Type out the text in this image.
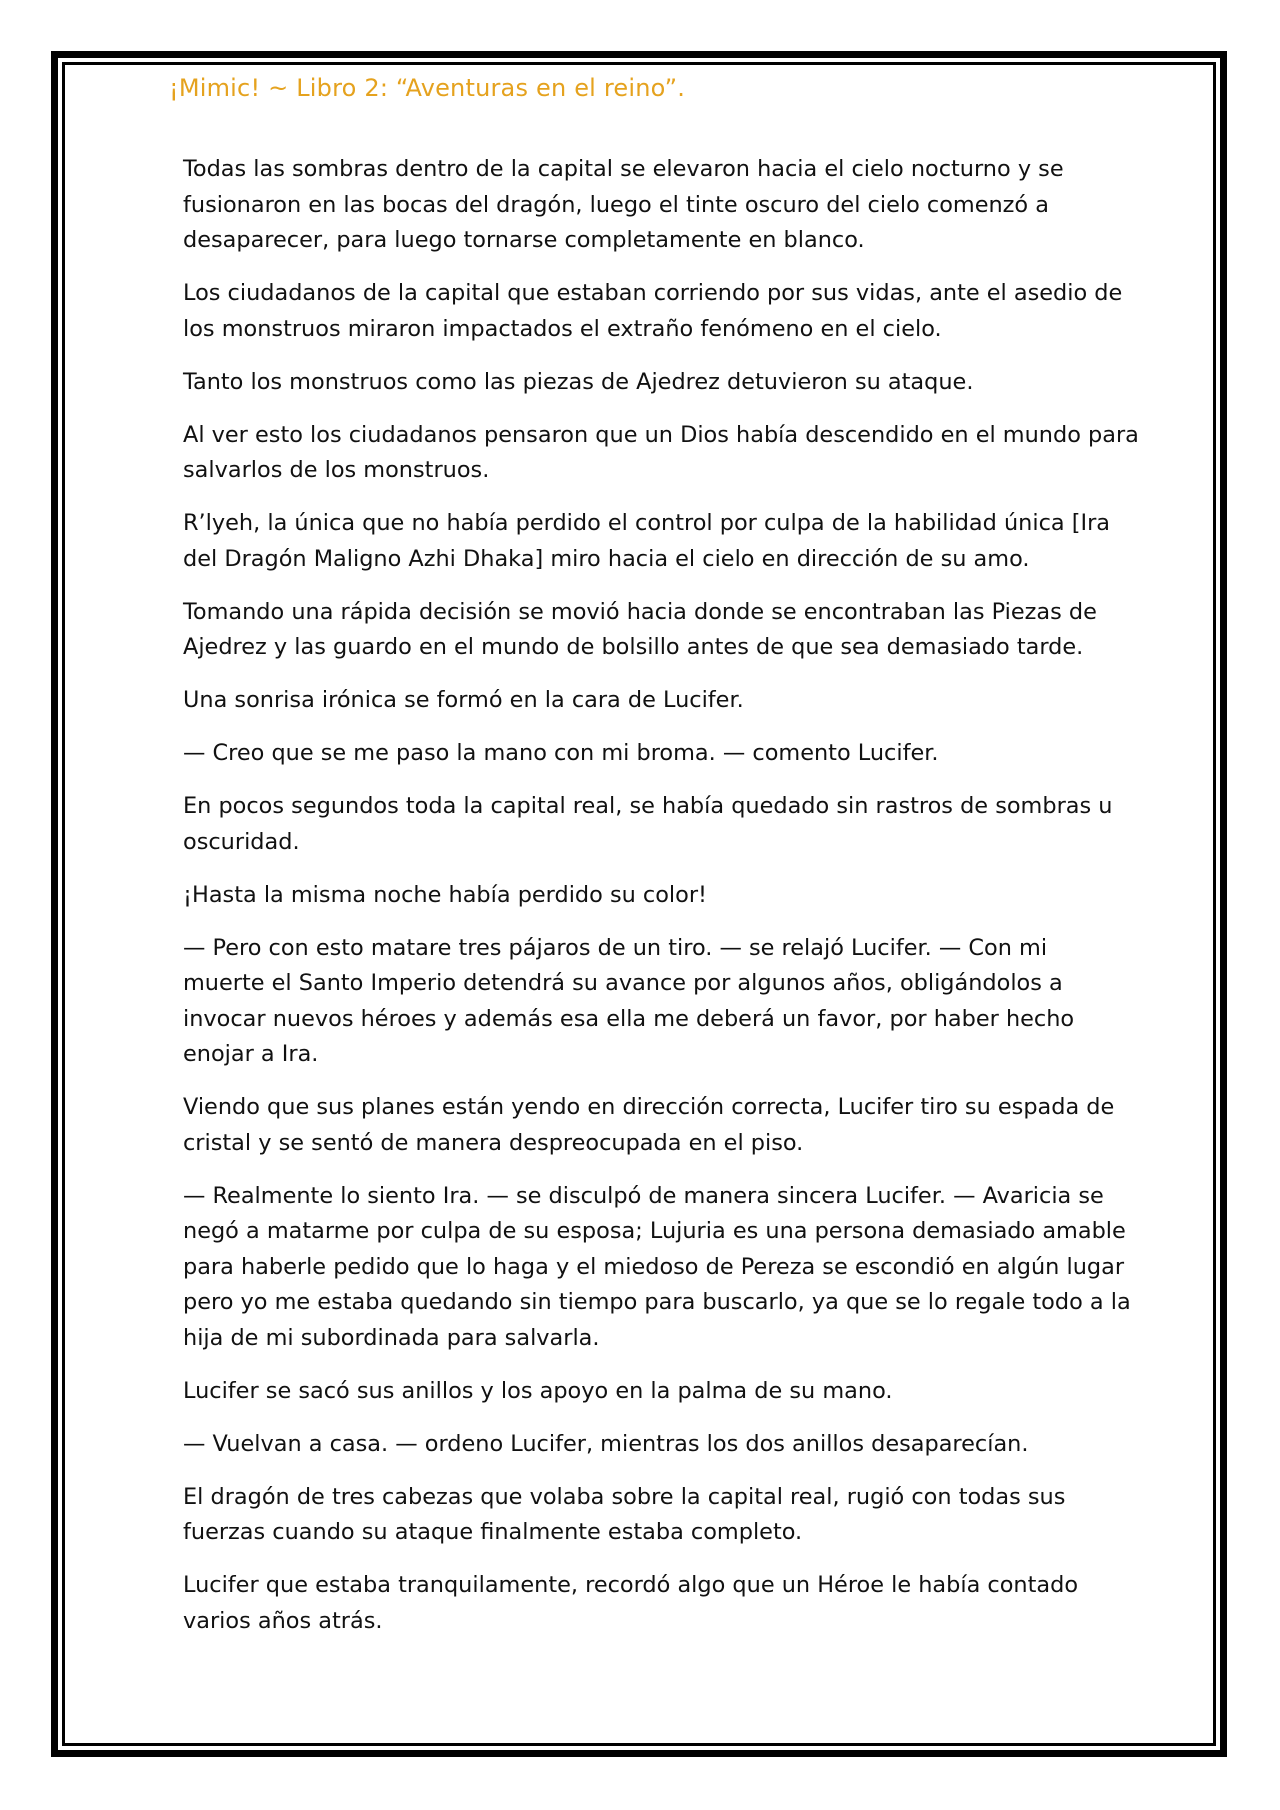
¡Mimic! ~ Libro 2: “Aventuras en el reino”.

Todas las sombras dentro de la capital se elevaron hacia el cielo nocturno y se
fusionaron en las bocas del dragón, luego el tinte oscuro del cielo comenzó a
desaparecer, para luego tornarse completamente en blanco.

Los ciudadanos de la capital que estaban corriendo por sus vidas, ante el asedio de
los monstruos miraron impactados el extraño fenómeno en el cielo.

Tanto los monstruos como las piezas de Ajedrez detuvieron su ataque.

Al ver esto los ciudadanos pensaron que un Dios había descendido en el mundo para
salvarlos de los monstruos.

R’lyeh, la única que no había perdido el control por culpa de la habilidad única [Ira
del Dragón Maligno Azhi Dhaka] miro hacia el cielo en dirección de su amo.

Tomando una rápida decisión se movió hacia donde se encontraban las Piezas de
Ajedrez y las guardo en el mundo de bolsillo antes de que sea demasiado tarde.

Una sonrisa irónica se formó en la cara de Lucifer.

— Creo que se me paso la mano con mi broma. — comento Lucifer.

En pocos segundos toda la capital real, se había quedado sin rastros de sombras u
oscuridad.

¡Hasta la misma noche había perdido su color!

— Pero con esto matare tres pájaros de un tiro. — se relajó Lucifer. — Con mi
muerte el Santo Imperio detendrá su avance por algunos años, obligándolos a
invocar nuevos héroes y además esa ella me deberá un favor, por haber hecho
enojar a Ira.

Viendo que sus planes están yendo en dirección correcta, Lucifer tiro su espada de
cristal y se sentó de manera despreocupada en el piso.

— Realmente lo siento Ira. — se disculpó de manera sincera Lucifer. — Avaricia se
negó a matarme por culpa de su esposa; Lujuria es una persona demasiado amable
para haberle pedido que lo haga y el miedoso de Pereza se escondió en algún lugar
pero yo me estaba quedando sin tiempo para buscarlo, ya que se lo regale todo a la
hija de mi subordinada para salvarla.

Lucifer se sacó sus anillos y los apoyo en la palma de su mano.

— Vuelvan a casa. — ordeno Lucifer, mientras los dos anillos desaparecían.

El dragón de tres cabezas que volaba sobre la capital real, rugió con todas sus
fuerzas cuando su ataque finalmente estaba completo.

Lucifer que estaba tranquilamente, recordó algo que un Héroe le había contado
varios años atrás.
